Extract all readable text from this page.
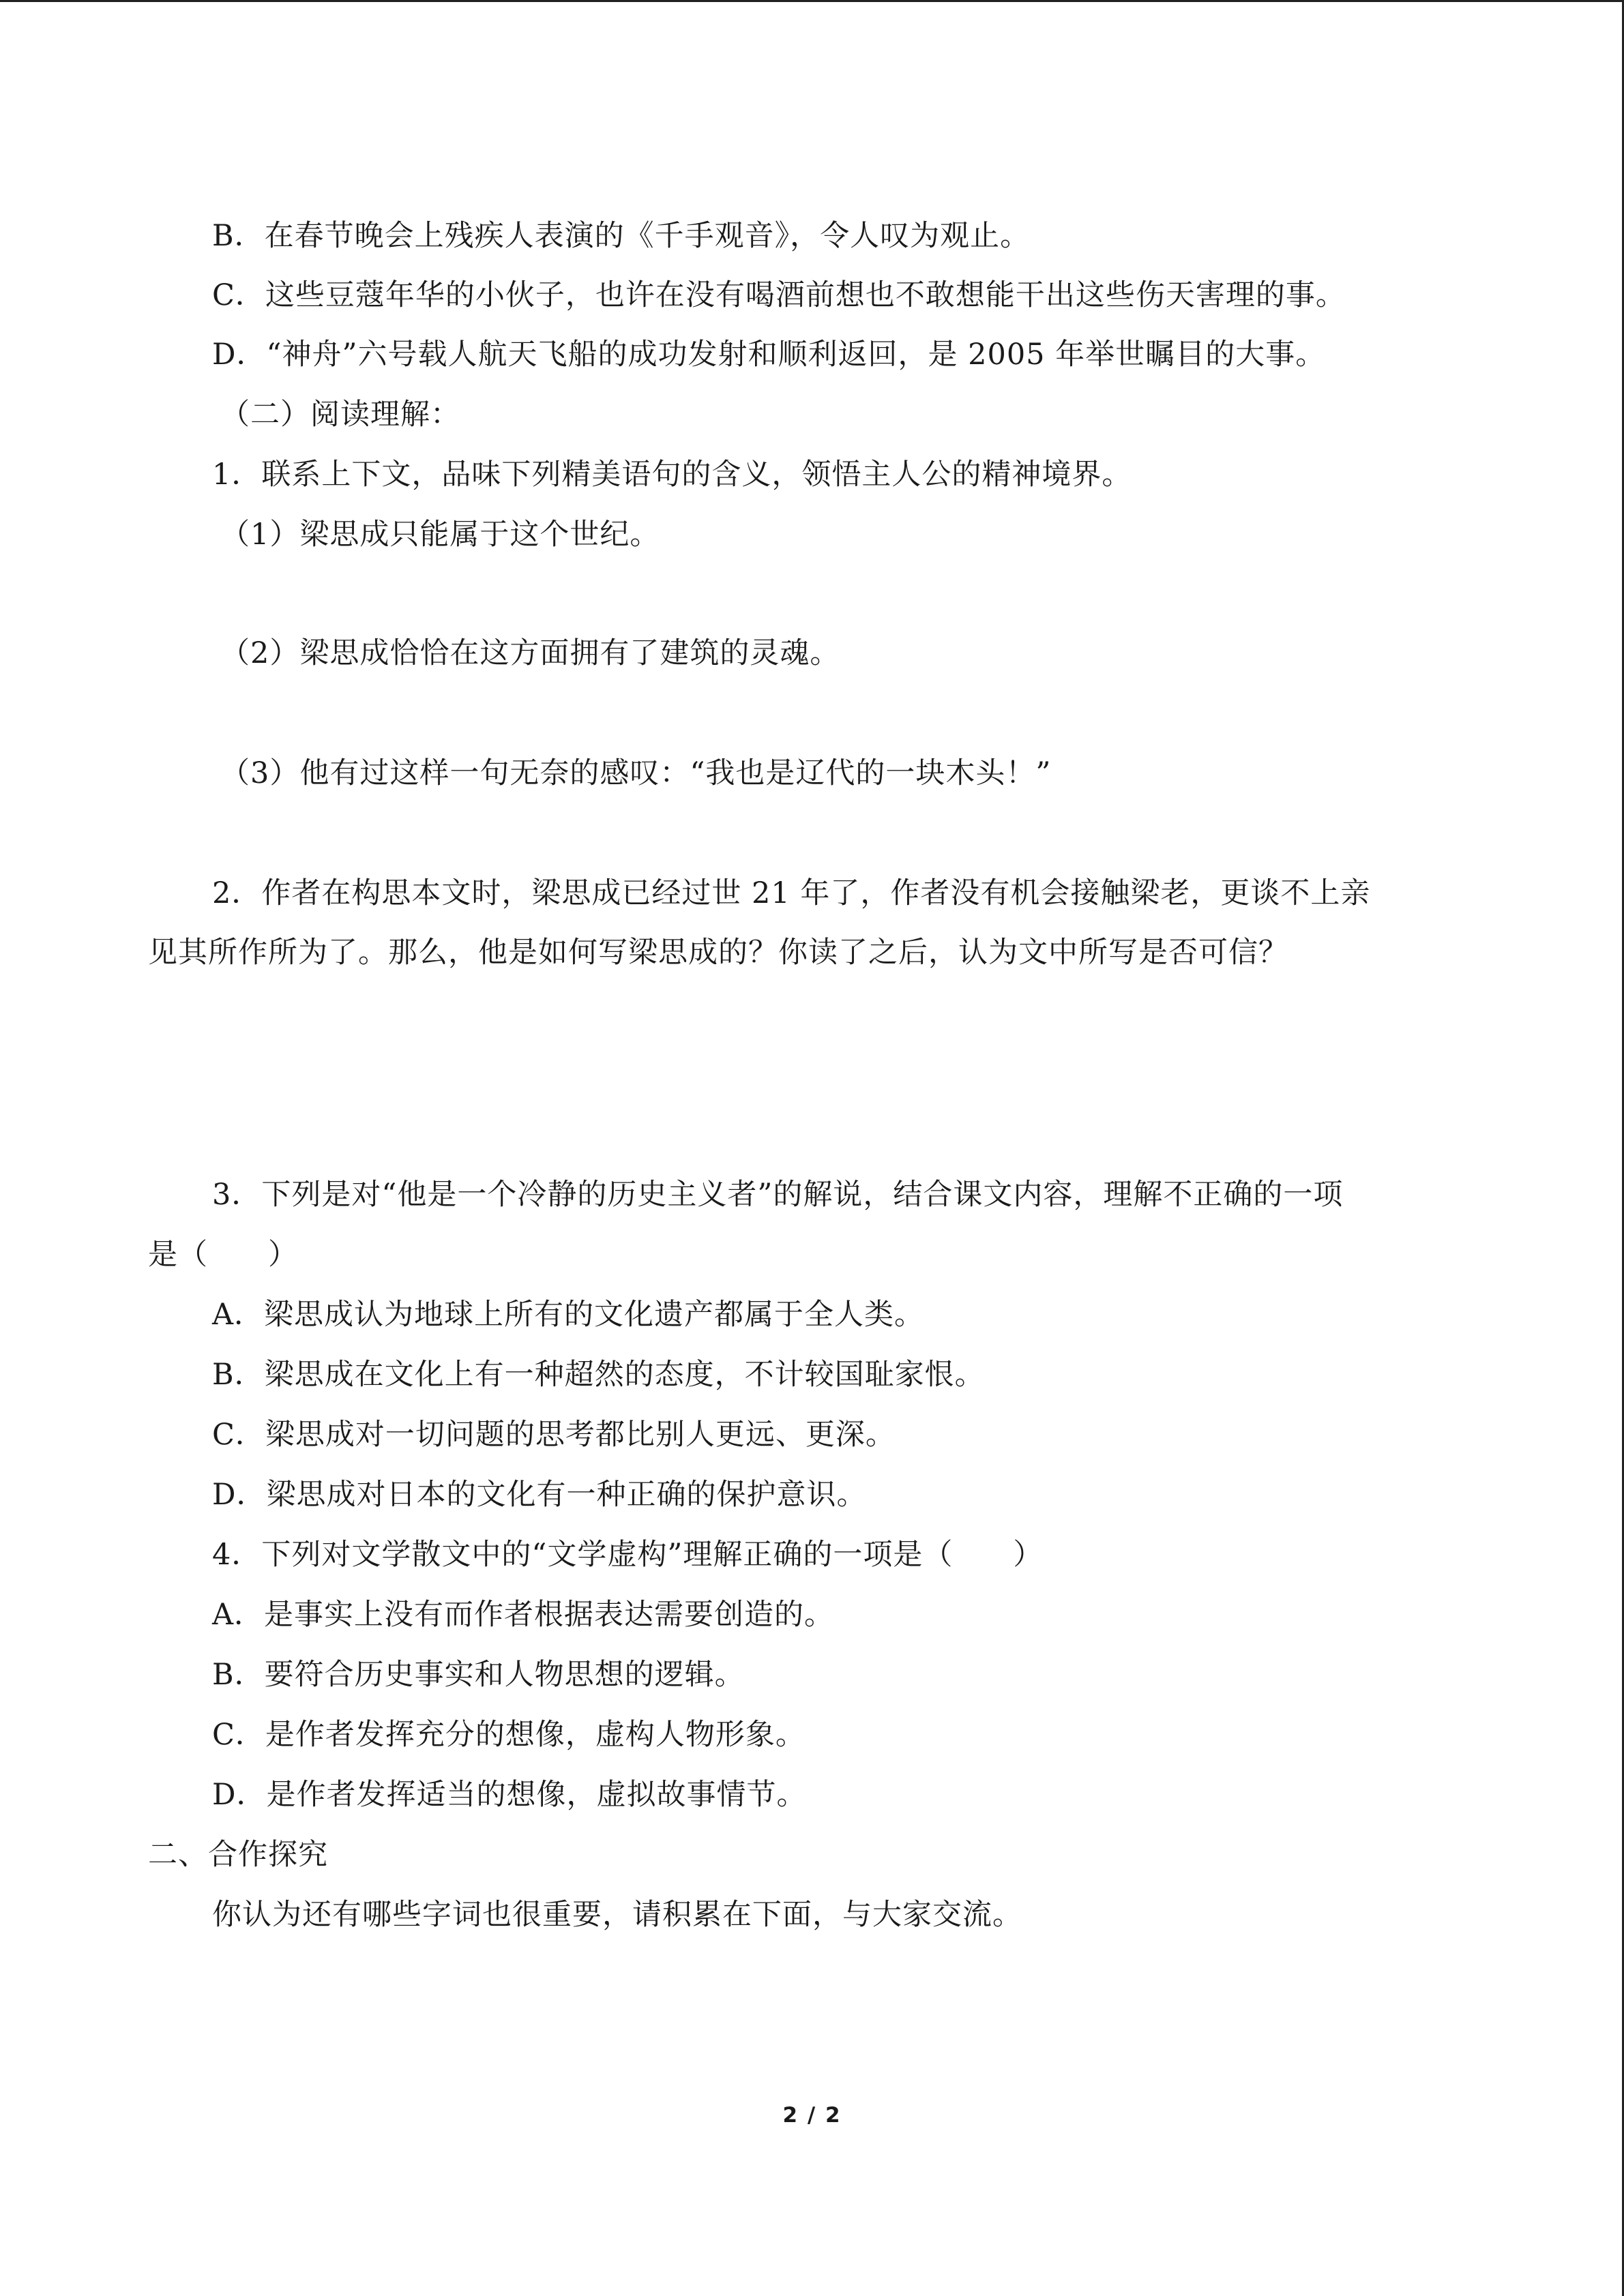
B．在春节晚会上残疾人表演的《千手观音》，令人叹为观止。
C．这些豆蔻年华的小伙子，也许在没有喝酒前想也不敢想能干出这些伤天害理的事。
D．“神舟”六号载人航天飞船的成功发射和顺利返回，是 2005 年举世瞩目的大事。
（二）阅读理解：
1．联系上下文，品味下列精美语句的含义，领悟主人公的精神境界。
（1）梁思成只能属于这个世纪。
（2）梁思成恰恰在这方面拥有了建筑的灵魂。
（3）他有过这样一句无奈的感叹：“我也是辽代的一块木头！”
2．作者在构思本文时，梁思成已经过世 21 年了，作者没有机会接触梁老，更谈不上亲
见其所作所为了。那么，他是如何写梁思成的？你读了之后，认为文中所写是否可信？
3．下列是对“他是一个冷静的历史主义者”的解说，结合课文内容，理解不正确的一项
是（　　）
A．梁思成认为地球上所有的文化遗产都属于全人类。
B．梁思成在文化上有一种超然的态度，不计较国耻家恨。
C．梁思成对一切问题的思考都比别人更远、更深。
D．梁思成对日本的文化有一种正确的保护意识。
4．下列对文学散文中的“文学虚构”理解正确的一项是（　　）
A．是事实上没有而作者根据表达需要创造的。
B．要符合历史事实和人物思想的逻辑。
C．是作者发挥充分的想像，虚构人物形象。
D．是作者发挥适当的想像，虚拟故事情节。
二、合作探究
你认为还有哪些字词也很重要，请积累在下面，与大家交流。
2 / 2
